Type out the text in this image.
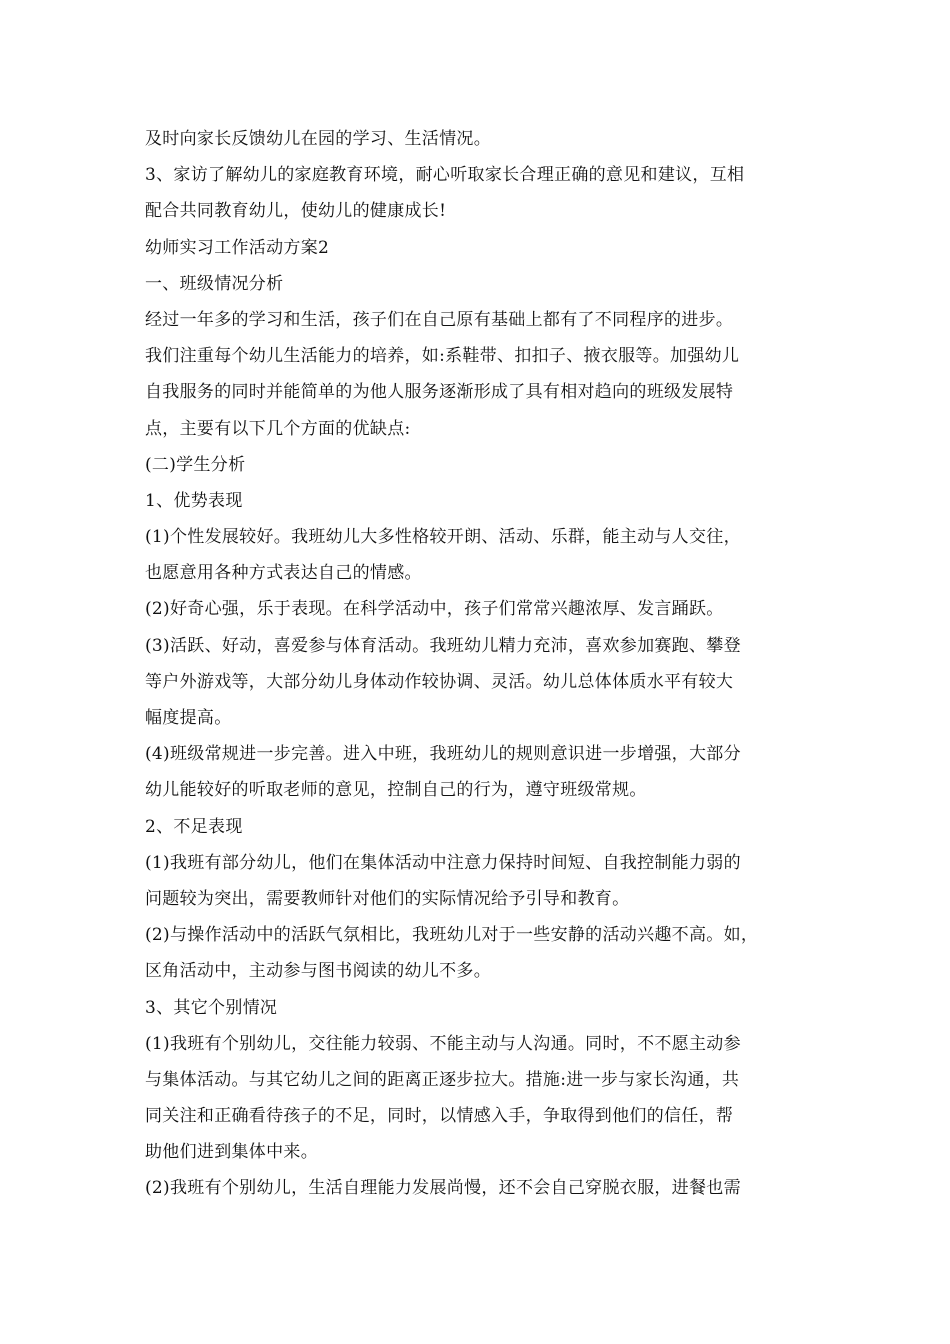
及时向家长反馈幼儿在园的学习、生活情况。
3、家访了解幼儿的家庭教育环境，耐心听取家长合理正确的意见和建议，互相
配合共同教育幼儿，使幼儿的健康成长!
幼师实习工作活动方案2
一、班级情况分析
经过一年多的学习和生活，孩子们在自己原有基础上都有了不同程序的进步。
我们注重每个幼儿生活能力的培养，如:系鞋带、扣扣子、掖衣服等。加强幼儿
自我服务的同时并能简单的为他人服务逐渐形成了具有相对趋向的班级发展特
点，主要有以下几个方面的优缺点:
(二)学生分析
1、优势表现
(1)个性发展较好。我班幼儿大多性格较开朗、活动、乐群，能主动与人交往，
也愿意用各种方式表达自己的情感。
(2)好奇心强，乐于表现。在科学活动中，孩子们常常兴趣浓厚、发言踊跃。
(3)活跃、好动，喜爱参与体育活动。我班幼儿精力充沛，喜欢参加赛跑、攀登
等户外游戏等，大部分幼儿身体动作较协调、灵活。幼儿总体体质水平有较大
幅度提高。
(4)班级常规进一步完善。进入中班，我班幼儿的规则意识进一步增强，大部分
幼儿能较好的听取老师的意见，控制自己的行为，遵守班级常规。
2、不足表现
(1)我班有部分幼儿，他们在集体活动中注意力保持时间短、自我控制能力弱的
问题较为突出，需要教师针对他们的实际情况给予引导和教育。
(2)与操作活动中的活跃气氛相比，我班幼儿对于一些安静的活动兴趣不高。如，
区角活动中，主动参与图书阅读的幼儿不多。
3、其它个别情况
(1)我班有个别幼儿，交往能力较弱、不能主动与人沟通。同时，不不愿主动参
与集体活动。与其它幼儿之间的距离正逐步拉大。措施:进一步与家长沟通，共
同关注和正确看待孩子的不足，同时，以情感入手，争取得到他们的信任，帮
助他们进到集体中来。
(2)我班有个别幼儿，生活自理能力发展尚慢，还不会自己穿脱衣服，进餐也需
